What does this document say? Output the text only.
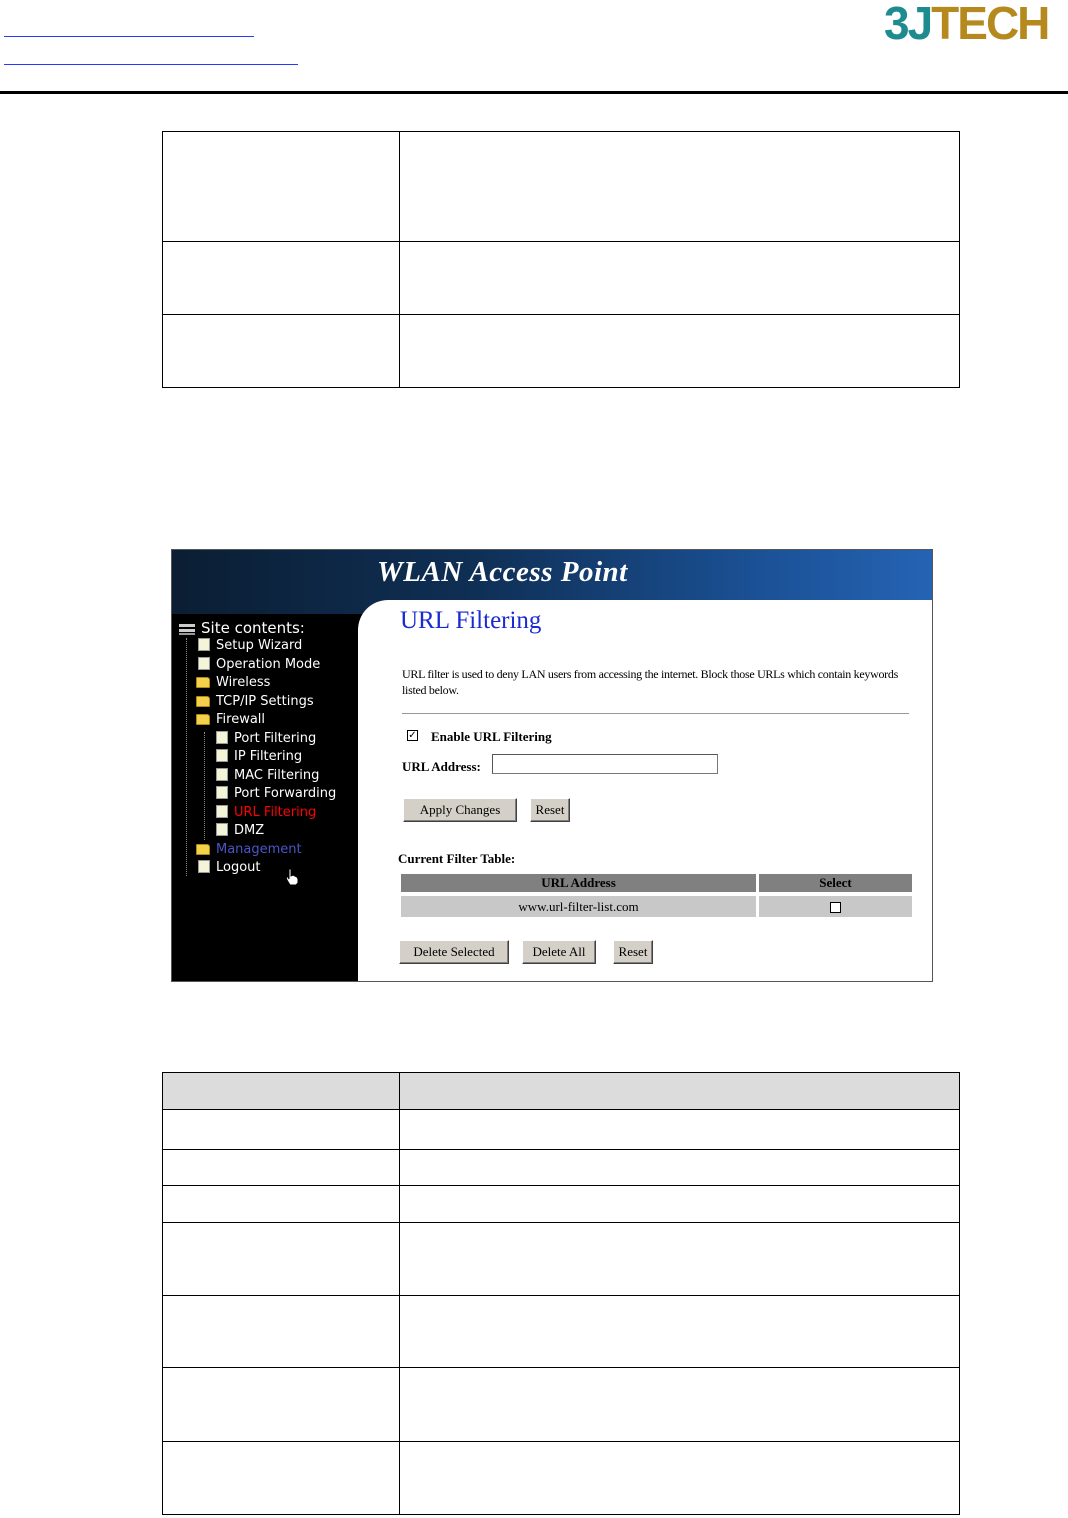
3JTECH

WLAN Access Point
URL Filtering
URL filter is used to deny LAN users from accessing the internet. Block those URLs which contain keywords listed below.
✓ Enable URL Filtering
URL Address:
Apply Changes	Reset
Current Filter Table:
URL Address	Select
www.url-filter-list.com
Delete Selected	Delete All	Reset
Site contents:
Setup Wizard
Operation Mode
Wireless
TCP/IP Settings
Firewall
Port Filtering
IP Filtering
MAC Filtering
Port Forwarding
URL Filtering
DMZ
Management
Logout
